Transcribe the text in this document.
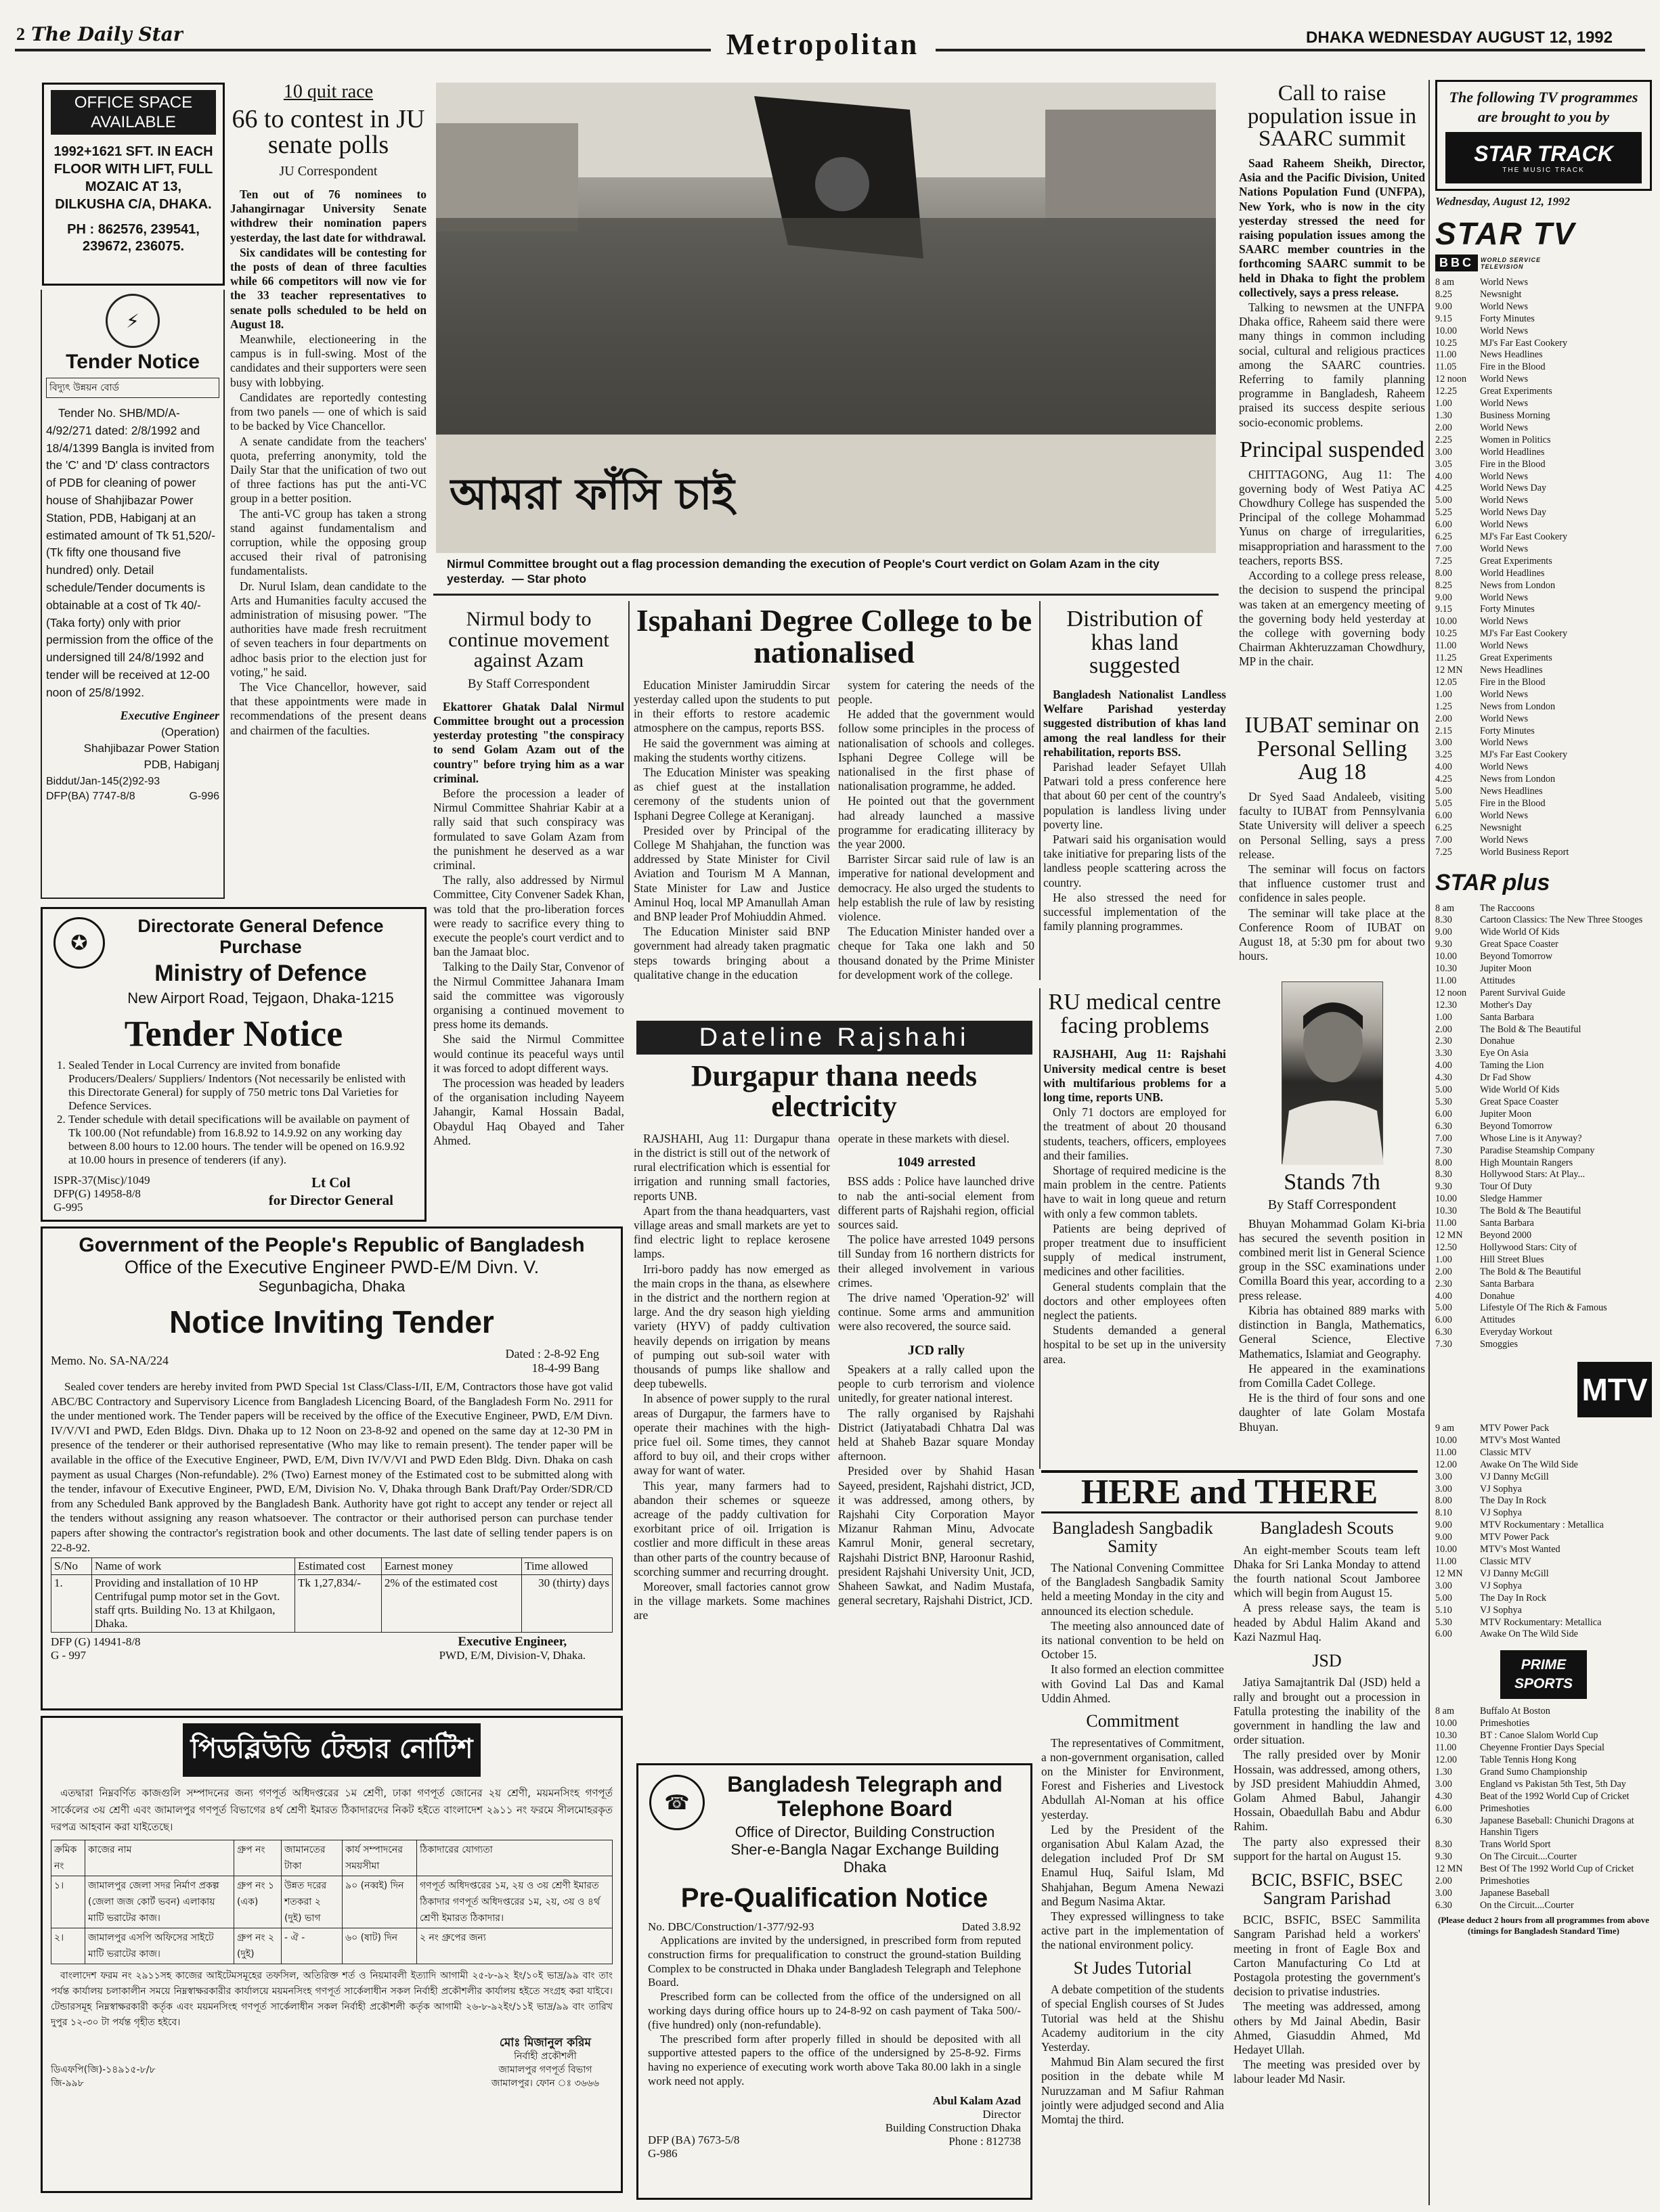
2 The Daily Star	Metropolitan	DHAKA WEDNESDAY AUGUST 12, 1992
OFFICE SPACE AVAILABLE
1992+1621 SFT. IN EACH FLOOR WITH LIFT, FULL MOZAIC AT 13, DILKUSHA C/A, DHAKA.
PH : 862576, 239541, 239672, 236075.
⚡
Tender Notice
বিদ্যুৎ উন্নয়ন বোর্ড
Tender No. SHB/MD/A-4/92/271 dated: 2/8/1992 and 18/4/1399 Bangla is invited from the 'C' and 'D' class contractors of PDB for cleaning of power house of Shahjibazar Power Station, PDB, Habiganj at an estimated amount of Tk 51,520/- (Tk fifty one thousand five hundred) only. Detail schedule/Tender documents is obtainable at a cost of Tk 40/- (Taka forty) only with prior permission from the office of the undersigned till 24/8/1992 and tender will be received at 12-00 noon of 25/8/1992.
Executive Engineer
(Operation)
Shahjibazar Power Station
PDB, Habiganj
Biddut/Jan-145(2)92-93
DFP(BA) 7747-8/8	G-996
10 quit race
66 to contest in JU senate polls
JU Correspondent

Ten out of 76 nominees to Jahangirnagar University Senate withdrew their nomination papers yesterday, the last date for withdrawal.

Six candidates will be contesting for the posts of dean of three faculties while 66 competitors will now vie for the 33 teacher representatives to senate polls scheduled to be held on August 18.

Meanwhile, electioneering in the campus is in full-swing. Most of the candidates and their supporters were seen busy with lobbying.

Candidates are reportedly contesting from two panels — one of which is said to be backed by Vice Chancellor.

A senate candidate from the teachers' quota, preferring anonymity, told the Daily Star that the unification of two out of three factions has put the anti-VC group in a better position.

The anti-VC group has taken a strong stand against fundamentalism and corruption, while the opposing group accused their rival of patronising fundamentalists.

Dr. Nurul Islam, dean candidate to the Arts and Humanities faculty accused the administration of misusing power. "The authorities have made fresh recruitment of seven teachers in four departments on adhoc basis prior to the election just for voting," he said.

The Vice Chancellor, however, said that these appointments were made in recommendations of the present deans and chairmen of the faculties.

আমরা ফাঁসি চাই
Nirmul Committee brought out a flag procession demanding the execution of People's Court verdict on Golam Azam in the city yesterday. — Star photo
Nirmul body to continue movement against Azam
By Staff Correspondent

Ekattorer Ghatak Dalal Nirmul Committee brought out a procession yesterday protesting "the conspiracy to send Golam Azam out of the country" before trying him as a war criminal.

Before the procession a leader of Nirmul Committee Shahriar Kabir at a rally said that such conspiracy was formulated to save Golam Azam from the punishment he deserved as a war criminal.

The rally, also addressed by Nirmul Committee, City Convener Sadek Khan, was told that the pro-liberation forces were ready to sacrifice every thing to execute the people's court verdict and to ban the Jamaat bloc.

Talking to the Daily Star, Convenor of the Nirmul Committee Jahanara Imam said the committee was vigorously organising a continued movement to press home its demands.

She said the Nirmul Committee would continue its peaceful ways until it was forced to adopt different ways.

The procession was headed by leaders of the organisation including Nayeem Jahangir, Kamal Hossain Badal, Obaydul Haq Obayed and Taher Ahmed.

Ispahani Degree College to be nationalised

Education Minister Jamiruddin Sircar yesterday called upon the students to put in their efforts to restore academic atmosphere on the campus, reports BSS.

He said the government was aiming at making the students worthy citizens.

The Education Minister was speaking as chief guest at the installation ceremony of the students union of Isphani Degree College at Keraniganj.

Presided over by Principal of the College M Shahjahan, the function was addressed by State Minister for Civil Aviation and Tourism M A Mannan, State Minister for Law and Justice Aminul Hoq, local MP Amanullah Aman and BNP leader Prof Mohiuddin Ahmed.

The Education Minister said BNP government had already taken pragmatic steps towards bringing about a qualitative change in the education

system for catering the needs of the people.

He added that the government would follow some principles in the process of nationalisation of schools and colleges. Isphani Degree College will be nationalised in the first phase of nationalisation programme, he added.

He pointed out that the government had already launched a massive programme for eradicating illiteracy by the year 2000.

Barrister Sircar said rule of law is an imperative for national development and democracy. He also urged the students to help establish the rule of law by resisting violence.

The Education Minister handed over a cheque for Taka one lakh and 50 thousand donated by the Prime Minister for development work of the college.

Dateline Rajshahi
Durgapur thana needs electricity

RAJSHAHI, Aug 11: Durgapur thana in the district is still out of the network of rural electrification which is essential for irrigation and running small factories, reports UNB.

Apart from the thana headquarters, vast village areas and small markets are yet to find electric light to replace kerosene lamps.

Irri-boro paddy has now emerged as the main crops in the thana, as elsewhere in the district and the northern region at large. And the dry season high yielding variety (HYV) of paddy cultivation heavily depends on irrigation by means of pumping out sub-soil water with thousands of pumps like shallow and deep tubewells.

In absence of power supply to the rural areas of Durgapur, the farmers have to operate their machines with the high-price fuel oil. Some times, they cannot afford to buy oil, and their crops wither away for want of water.

This year, many farmers had to abandon their schemes or squeeze acreage of the paddy cultivation for exorbitant price of oil. Irrigation is costlier and more difficult in these areas than other parts of the country because of scorching summer and recurring drought.

Moreover, small factories cannot grow in the village markets. Some machines are

operate in these markets with diesel.

1049 arrested

BSS adds : Police have launched drive to nab the anti-social element from different parts of Rajshahi region, official sources said.

The police have arrested 1049 persons till Sunday from 16 northern districts for their alleged involvement in various crimes.

The drive named 'Operation-92' will continue. Some arms and ammunition were also recovered, the source said.

JCD rally

Speakers at a rally called upon the people to curb terrorism and violence unitedly, for greater national interest.

The rally organised by Rajshahi District (Jatiyatabadi Chhatra Dal was held at Shaheb Bazar square Monday afternoon.

Presided over by Shahid Hasan Sayeed, president, Rajshahi district, JCD, it was addressed, among others, by Rajshahi City Corporation Mayor Mizanur Rahman Minu, Advocate Kamrul Monir, general secretary, Rajshahi District BNP, Haroonur Rashid, president Rajshahi University Unit, JCD, Shaheen Sawkat, and Nadim Mustafa, general secretary, Rajshahi District, JCD.

Distribution of khas land suggested

Bangladesh Nationalist Landless Welfare Parishad yesterday suggested distribution of khas land among the real landless for their rehabilitation, reports BSS.

Parishad leader Sefayet Ullah Patwari told a press conference here that about 60 per cent of the country's population is landless living under poverty line.

Patwari said his organisation would take initiative for preparing lists of the landless people scattering across the country.

He also stressed the need for successful implementation of the family planning programmes.

RU medical centre facing problems

RAJSHAHI, Aug 11: Rajshahi University medical centre is beset with multifarious problems for a long time, reports UNB.

Only 71 doctors are employed for the treatment of about 20 thousand students, teachers, officers, employees and their families.

Shortage of required medicine is the main problem in the centre. Patients have to wait in long queue and return with only a few common tablets.

Patients are being deprived of proper treatment due to insufficient supply of medical instrument, medicines and other facilities.

General students complain that the doctors and other employees often neglect the patients.

Students demanded a general hospital to be set up in the university area.

Call to raise population issue in SAARC summit

Saad Raheem Sheikh, Director, Asia and the Pacific Division, United Nations Population Fund (UNFPA), New York, who is now in the city yesterday stressed the need for raising population issues among the SAARC member countries in the forthcoming SAARC summit to be held in Dhaka to fight the problem collectively, says a press release.

Talking to newsmen at the UNFPA Dhaka office, Raheem said there were many things in common including social, cultural and religious practices among the SAARC countries. Referring to family planning programme in Bangladesh, Raheem praised its success despite serious socio-economic problems.

Principal suspended

CHITTAGONG, Aug 11: The governing body of West Patiya AC Chowdhury College has suspended the Principal of the college Mohammad Yunus on charge of irregularities, misappropriation and harassment to the teachers, reports BSS.

According to a college press release, the decision to suspend the principal was taken at an emergency meeting of the governing body held yesterday at the college with governing body Chairman Akhteruzzaman Chowdhury, MP in the chair.

IUBAT seminar on Personal Selling Aug 18

Dr Syed Saad Andaleeb, visiting faculty to IUBAT from Pennsylvania State University will deliver a speech on Personal Selling, says a press release.

The seminar will focus on factors that influence customer trust and confidence in sales people.

The seminar will take place at the Conference Room of IUBAT on August 18, at 5:30 pm for about two hours.

Stands 7th
By Staff Correspondent

Bhuyan Mohammad Golam Ki-bria has secured the seventh position in combined merit list in General Science group in the SSC examinations under Comilla Board this year, according to a press release.

Kibria has obtained 889 marks with distinction in Bangla, Mathematics, General Science, Elective Mathematics, Islamiat and Geography.

He appeared in the examinations from Comilla Cadet College.

He is the third of four sons and one daughter of late Golam Mostafa Bhuyan.

HERE and THERE
Bangladesh Sangbadik Samity

The National Convening Committee of the Bangladesh Sangbadik Samity held a meeting Monday in the city and announced its election schedule.

The meeting also announced date of its national convention to be held on October 15.

It also formed an election committee with Govind Lal Das and Kamal Uddin Ahmed.

Commitment

The representatives of Commitment, a non-government organisation, called on the Minister for Environment, Forest and Fisheries and Livestock Abdullah Al-Noman at his office yesterday.

Led by the President of the organisation Abul Kalam Azad, the delegation included Prof Dr SM Enamul Huq, Saiful Islam, Md Shahjahan, Begum Amena Newazi and Begum Nasima Aktar.

They expressed willingness to take active part in the implementation of the national environment policy.

St Judes Tutorial

A debate competition of the students of special English courses of St Judes Tutorial was held at the Shishu Academy auditorium in the city Yesterday.

Mahmud Bin Alam secured the first position in the debate while M Nuruzzaman and M Safiur Rahman jointly were adjudged second and Alia Momtaj the third.

Bangladesh Scouts

An eight-member Scouts team left Dhaka for Sri Lanka Monday to attend the fourth national Scout Jamboree which will begin from August 15.

A press release says, the team is headed by Abdul Halim Akand and Kazi Nazmul Haq.

JSD

Jatiya Samajtantrik Dal (JSD) held a rally and brought out a procession in Fatulla protesting the inability of the government in handling the law and order situation.

The rally presided over by Monir Hossain, was addressed, among others, by JSD president Mahiuddin Ahmed, Golam Ahmed Babul, Jahangir Hossain, Obaedullah Babu and Abdur Rahim.

The party also expressed their support for the hartal on August 15.

BCIC, BSFIC, BSEC Sangram Parishad

BCIC, BSFIC, BSEC Sammilita Sangram Parishad held a workers' meeting in front of Eagle Box and Carton Manufacturing Co Ltd at Postagola protesting the government's decision to privatise industries.

The meeting was addressed, among others by Md Jainal Abedin, Basir Ahmed, Giasuddin Ahmed, Md Hedayet Ullah.

The meeting was presided over by labour leader Md Nasir.

The following TV programmes are brought to you by
STAR TRACK
THE MUSIC TRACK
Wednesday, August 12, 1992
STAR TV
BBC	WORLD SERVICE TELEVISION
8 am	World News
8.25	Newsnight
9.00	World News
9.15	Forty Minutes
10.00	World News
10.25	MJ's Far East Cookery
11.00	News Headlines
11.05	Fire in the Blood
12 noon	World News
12.25	Great Experiments
1.00	World News
1.30	Business Morning
2.00	World News
2.25	Women in Politics
3.00	World Headlines
3.05	Fire in the Blood
4.00	World News
4.25	World News Day
5.00	World News
5.25	World News Day
6.00	World News
6.25	MJ's Far East Cookery
7.00	World News
7.25	Great Experiments
8.00	World Headlines
8.25	News from London
9.00	World News
9.15	Forty Minutes
10.00	World News
10.25	MJ's Far East Cookery
11.00	World News
11.25	Great Experiments
12 MN	News Headlines
12.05	Fire in the Blood
1.00	World News
1.25	News from London
2.00	World News
2.15	Forty Minutes
3.00	World News
3.25	MJ's Far East Cookery
4.00	World News
4.25	News from London
5.00	News Headlines
5.05	Fire in the Blood
6.00	World News
6.25	Newsnight
7.00	World News
7.25	World Business Report
STAR plus
8 am	The Raccoons
8.30	Cartoon Classics: The New Three Stooges
9.00	Wide World Of Kids
9.30	Great Space Coaster
10.00	Beyond Tomorrow
10.30	Jupiter Moon
11.00	Attitudes
12 noon	Parent Survival Guide
12.30	Mother's Day
1.00	Santa Barbara
2.00	The Bold & The Beautiful
2.30	Donahue
3.30	Eye On Asia
4.00	Taming the Lion
4.30	Dr Fad Show
5.00	Wide World Of Kids
5.30	Great Space Coaster
6.00	Jupiter Moon
6.30	Beyond Tomorrow
7.00	Whose Line is it Anyway?
7.30	Paradise Steamship Company
8.00	High Mountain Rangers
8.30	Hollywood Stars: At Play...
9.30	Tour Of Duty
10.00	Sledge Hammer
10.30	The Bold & The Beautiful
11.00	Santa Barbara
12 MN	Beyond 2000
12.50	Hollywood Stars: City of
1.00	Hill Street Blues
2.00	The Bold & The Beautiful
2.30	Santa Barbara
4.00	Donahue
5.00	Lifestyle Of The Rich & Famous
6.00	Attitudes
6.30	Everyday Workout
7.30	Smoggies
MTV
9 am	MTV Power Pack
10.00	MTV's Most Wanted
11.00	Classic MTV
12.00	Awake On The Wild Side
3.00	VJ Danny McGill
3.00	VJ Sophya
8.00	The Day In Rock
8.10	VJ Sophya
9.00	MTV Rockumentary : Metallica
9.00	MTV Power Pack
10.00	MTV's Most Wanted
11.00	Classic MTV
12 MN	VJ Danny McGill
3.00	VJ Sophya
5.00	The Day In Rock
5.10	VJ Sophya
5.30	MTV Rockumentary: Metallica
6.00	Awake On The Wild Side
PRIME SPORTS
8 am	Buffalo At Boston
10.00	Primeshoties
10.30	BT : Canoe Slalom World Cup
11.00	Cheyenne Frontier Days Special
12.00	Table Tennis Hong Kong
1.30	Grand Sumo Championship
3.00	England vs Pakistan 5th Test, 5th Day
4.30	Beat of the 1992 World Cup of Cricket
6.00	Primeshoties
6.30	Japanese Baseball: Chunichi Dragons at Hanshin Tigers
8.30	Trans World Sport
9.30	On The Circuit....Courter
12 MN	Best Of The 1992 World Cup of Cricket
2.00	Primeshoties
3.00	Japanese Baseball
6.30	On the Circuit....Courter
(Please deduct 2 hours from all programmes from above (timings for Bangladesh Standard Time)
✪
Directorate General Defence Purchase
Ministry of Defence
New Airport Road, Tejgaon, Dhaka-1215
Tender Notice
1. Sealed Tender in Local Currency are invited from bonafide Producers/Dealers/ Suppliers/ Indentors (Not necessarily be enlisted with this Directorate General) for supply of 750 metric tons Dal Varieties for Defence Services.
2. Tender schedule with detail specifications will be available on payment of Tk 100.00 (Not refundable) from 16.8.92 to 14.9.92 on any working day between 8.00 hours to 12.00 hours. The tender will be opened on 16.9.92 at 10.00 hours in presence of tenderers (if any).
ISPR-37(Misc)/1049
DFP(G) 14958-8/8
G-995
Lt Col
for Director General
Government of the People's Republic of Bangladesh
Office of the Executive Engineer PWD-E/M Divn. V.
Segunbagicha, Dhaka
Notice Inviting Tender
Memo. No. SA-NA/224	Dated : 2-8-92 Eng
18-4-99 Bang
Sealed cover tenders are hereby invited from PWD Special 1st Class/Class-I/II, E/M, Contractors those have got valid ABC/BC Contractory and Supervisory Licence from Bangladesh Licencing Board, of the Bangladesh Form No. 2911 for the under mentioned work. The Tender papers will be received by the office of the Executive Engineer, PWD, E/M Divn. IV/V/VI and PWD, Eden Bldgs. Divn. Dhaka up to 12 Noon on 23-8-92 and opened on the same day at 12-30 PM in presence of the tenderer or their authorised representative (Who may like to remain present). The tender paper will be available in the office of the Executive Engineer, PWD, E/M, Divn IV/V/VI and PWD Eden Bldg. Divn. Dhaka on cash payment as usual Charges (Non-refundable). 2% (Two) Earnest money of the Estimated cost to be submitted along with the tender, infavour of Executive Engineer, PWD, E/M, Division No. V, Dhaka through Bank Draft/Pay Order/SDR/CD from any Scheduled Bank approved by the Bangladesh Bank. Authority have got right to accept any tender or reject all the tenders without assigning any reason whatsoever. The contractor or their authorised person can purchase tender papers after showing the contractor's registration book and other documents. The last date of selling tender papers is on 22-8-92.
S/No	Name of work	Estimated cost	Earnest money	Time allowed
1.	Providing and installation of 10 HP Centrifugal pump motor set in the Govt. staff qrts. Building No. 13 at Khilgaon, Dhaka.	Tk 1,27,834/-	2% of the estimated cost	30 (thirty) days
DFP (G) 14941-8/8
G - 997
Executive Engineer,
PWD, E/M, Division-V, Dhaka.
পিডব্লিউডি টেন্ডার নোটিশ
এতদ্বারা নিম্নবর্ণিত কাজগুলি সম্পাদনের জন্য গণপূর্ত অধিদপ্তরের ১ম শ্রেণী, ঢাকা গণপূর্ত জোনের ২য় শ্রেণী, ময়মনসিংহ গণপূর্ত সার্কেলের ৩য় শ্রেণী এবং জামালপুর গণপূর্ত বিভাগের ৪র্থ শ্রেণী ইমারত ঠিকাদারদের নিকট হইতে বাংলাদেশ ২৯১১ নং ফরমে সীলমোহরকৃত দরপত্র আহবান করা যাইতেছে।
ক্রমিক নং	কাজের নাম	গ্রুপ নং	জামানতের টাকা	কার্য সম্পাদনের সময়সীমা	ঠিকাদারের যোগ্যতা
১।	জামালপুর জেলা সদর নির্মাণ প্রকল্প (জেলা জজ কোর্ট ভবন) এলাকায় মাটি ভরাটের কাজ।	গ্রুপ নং ১ (এক)	উন্নত দরের শতকরা ২ (দুই) ভাগ	৯০ (নব্বই) দিন	গণপূর্ত অধিদপ্তরের ১ম, ২য় ও ৩য় শ্রেণী ইমারত ঠিকাদার গণপূর্ত অধিদপ্তরের ১ম, ২য়, ৩য় ও ৪র্থ শ্রেণী ইমারত ঠিকাদার।
২।	জামালপুর এসপি অফিসের সাইটে মাটি ভরাটের কাজ।	গ্রুপ নং ২ (দুই)	- ঐ -	৬০ (ষাট) দিন	২ নং গ্রুপের জন্য
বাংলাদেশ ফরম নং ২৯১১সহ কাজের আইটেমসমূহের তফসিল, অতিরিক্ত শর্ত ও নিয়মাবলী ইত্যাদি আগামী ২৫-৮-৯২ ইং/১০ই ভাদ্র/৯৯ বাং তাং পর্যন্ত কার্যালয় চলাকালীন সময়ে নিম্নস্বাক্ষরকারীর কার্যালয়ে ময়মনসিংহ গণপূর্ত সার্কেলাধীন সকল নির্বাহী প্রকৌশলীর কার্যালয় হইতে সংগ্রহ করা যাইবে। টেন্ডারসমূহ নিম্নস্বাক্ষরকারী কর্তৃক এবং ময়মনসিংহ গণপূর্ত সার্কেলাধীন সকল নির্বাহী প্রকৌশলী কর্তৃক আগামী ২৬-৮-৯২ইং/১১ই ভাদ্র/৯৯ বাং তারিখ দুপুর ১২-৩০ টা পর্যন্ত গৃহীত হইবে।
ডিএফপি(জি)-১৪৯১৫-৮/৮
জি-৯৯৮
মোঃ মিজানুল করিম
নির্বাহী প্রকৌশলী
জামালপুর গণপূর্ত বিভাগ
জামালপুর। ফোন ঃ ৩৬৬৬
☎
Bangladesh Telegraph and Telephone Board
Office of Director, Building Construction
Sher-e-Bangla Nagar Exchange Building
Dhaka
Pre-Qualification Notice
No. DBC/Construction/1-377/92-93	Dated 3.8.92

Applications are invited by the undersigned, in prescribed form from reputed construction firms for prequalification to construct the ground-station Building Complex to be constructed in Dhaka under Bangladesh Telegraph and Telephone Board.

Prescribed form can be collected from the office of the undersigned on all working days during office hours up to 24-8-92 on cash payment of Taka 500/- (five hundred) only (non-refundable).

The prescribed form after properly filled in should be deposited with all supportive attested papers to the office of the undersigned by 25-8-92. Firms having no experience of executing work worth above Taka 80.00 lakh in a single work need not apply.

DFP (BA) 7673-5/8
G-986
Abul Kalam Azad
Director
Building Construction Dhaka
Phone : 812738
